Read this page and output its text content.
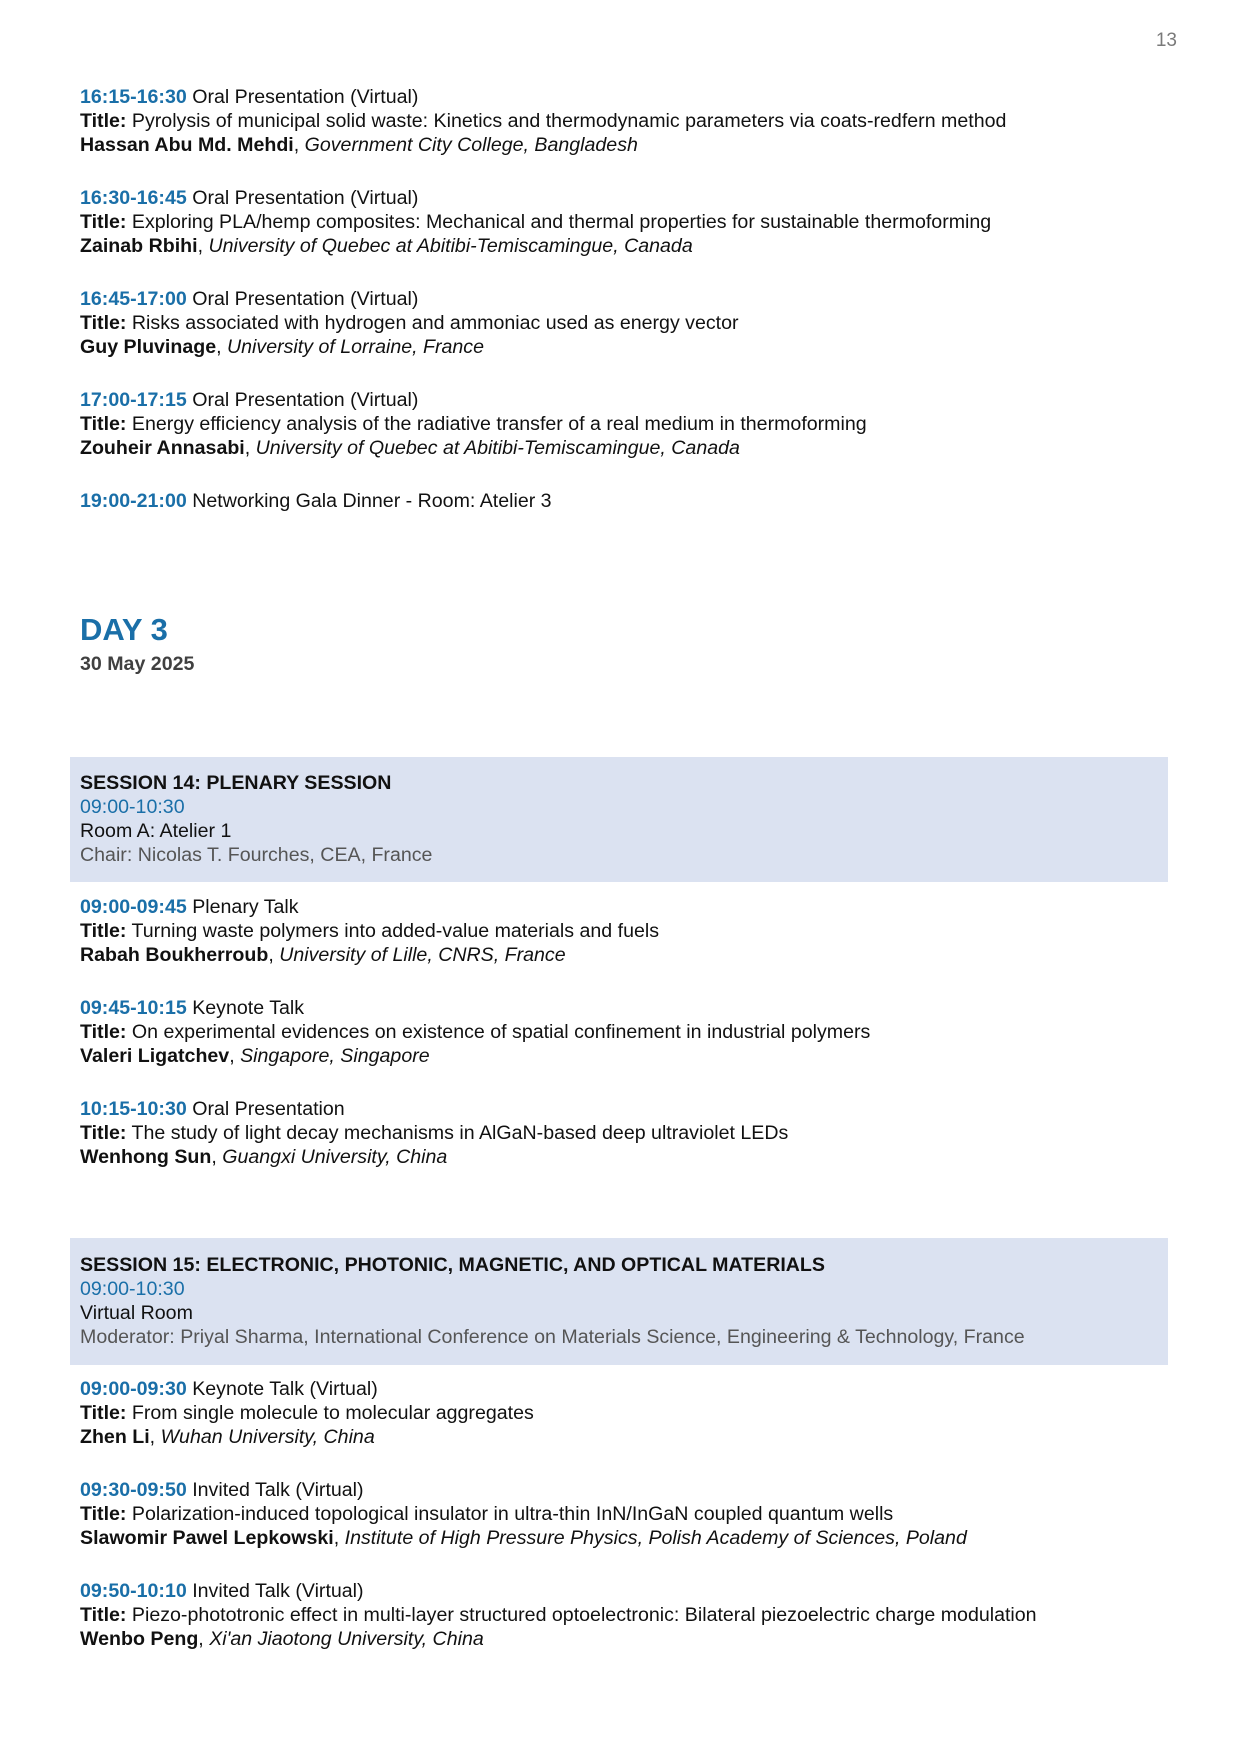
13
16:15-16:30 Oral Presentation (Virtual)
Title: Pyrolysis of municipal solid waste: Kinetics and thermodynamic parameters via coats-redfern method
Hassan Abu Md. Mehdi, Government City College, Bangladesh
16:30-16:45 Oral Presentation (Virtual)
Title: Exploring PLA/hemp composites: Mechanical and thermal properties for sustainable thermoforming
Zainab Rbihi, University of Quebec at Abitibi-Temiscamingue, Canada
16:45-17:00 Oral Presentation (Virtual)
Title: Risks associated with hydrogen and ammoniac used as energy vector
Guy Pluvinage, University of Lorraine, France
17:00-17:15 Oral Presentation (Virtual)
Title: Energy efficiency analysis of the radiative transfer of a real medium in thermoforming
Zouheir Annasabi, University of Quebec at Abitibi-Temiscamingue, Canada
19:00-21:00 Networking Gala Dinner - Room: Atelier 3
DAY 3
30 May 2025
SESSION 14: PLENARY SESSION
09:00-10:30
Room A: Atelier 1
Chair: Nicolas T. Fourches, CEA, France
09:00-09:45 Plenary Talk
Title: Turning waste polymers into added-value materials and fuels
Rabah Boukherroub, University of Lille, CNRS, France
09:45-10:15 Keynote Talk
Title: On experimental evidences on existence of spatial confinement in industrial polymers
Valeri Ligatchev, Singapore, Singapore
10:15-10:30 Oral Presentation
Title: The study of light decay mechanisms in AlGaN-based deep ultraviolet LEDs
Wenhong Sun, Guangxi University, China
SESSION 15: ELECTRONIC, PHOTONIC, MAGNETIC, AND OPTICAL MATERIALS
09:00-10:30
Virtual Room
Moderator: Priyal Sharma, International Conference on Materials Science, Engineering & Technology, France
09:00-09:30 Keynote Talk (Virtual)
Title: From single molecule to molecular aggregates
Zhen Li, Wuhan University, China
09:30-09:50 Invited Talk (Virtual)
Title: Polarization-induced topological insulator in ultra-thin InN/InGaN coupled quantum wells
Slawomir Pawel Lepkowski, Institute of High Pressure Physics, Polish Academy of Sciences, Poland
09:50-10:10 Invited Talk (Virtual)
Title: Piezo-phototronic effect in multi-layer structured optoelectronic: Bilateral piezoelectric charge modulation
Wenbo Peng, Xi'an Jiaotong University, China
